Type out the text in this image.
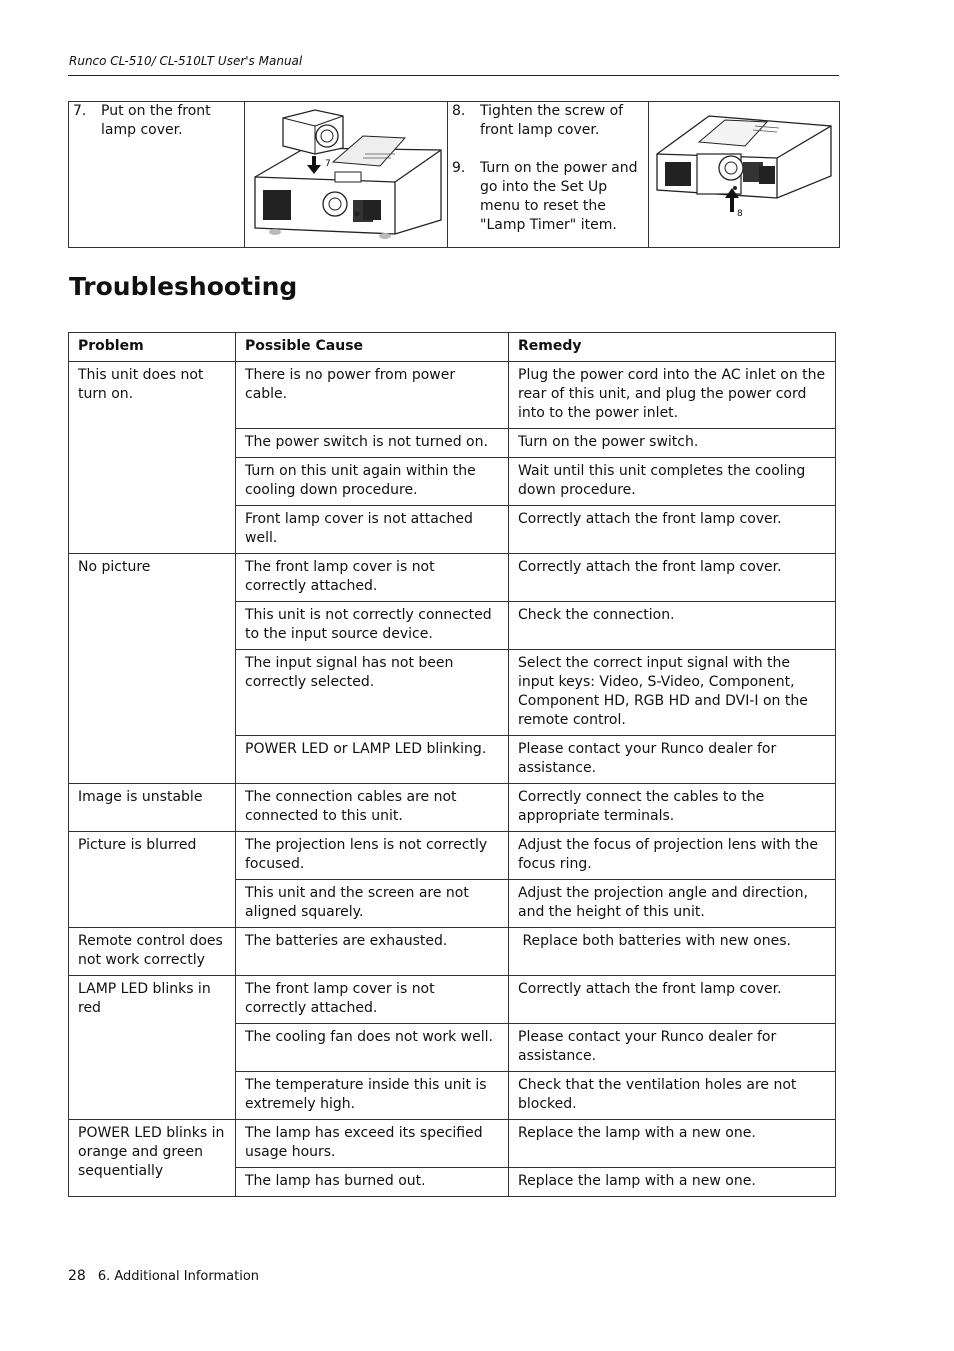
Runco CL-510/ CL-510LT User's Manual
7.	Put on the front lamp cover.

7

8.	Tighten the screw of front lamp cover.
9.	Turn on the power and go into the Set Up menu to reset the "Lamp Timer" item.

8
Troubleshooting
Problem	Possible Cause	Remedy
This unit does not turn on.	There is no power from power cable.	Plug the power cord into the AC inlet on the rear of this unit, and plug the power cord into to the power inlet.
	The power switch is not turned on.	Turn on the power switch.
	Turn on this unit again within the cooling down procedure.	Wait until this unit completes the cooling down procedure.
	Front lamp cover is not attached well.	Correctly attach the front lamp cover.
No picture	The front lamp cover is not correctly attached.	Correctly attach the front lamp cover.
	This unit is not correctly connected to the input source device.	Check the connection.
	The input signal has not been correctly selected.	Select the correct input signal with the input keys: Video, S-Video, Component, Component HD, RGB HD and DVI-I on the remote control.
	POWER LED or LAMP LED blinking.	Please contact your Runco dealer for assistance.
Image is unstable	The connection cables are not connected to this unit.	Correctly connect the cables to the appropriate terminals.
Picture is blurred	The projection lens is not correctly focused.	Adjust the focus of projection lens with the focus ring.
	This unit and the screen are not aligned squarely.	Adjust the projection angle and direction, and the height of this unit.
Remote control does not work correctly	The batteries are exhausted.	Replace both batteries with new ones.
LAMP LED blinks in red	The front lamp cover is not correctly attached.	Correctly attach the front lamp cover.
	The cooling fan does not work well.	Please contact your Runco dealer for assistance.
	The temperature inside this unit is extremely high.	Check that the ventilation holes are not blocked.
POWER LED blinks in orange and green sequentially	The lamp has exceed its specified usage hours.	Replace the lamp with a new one.
	The lamp has burned out.	Replace the lamp with a new one.
28 6. Additional Information
